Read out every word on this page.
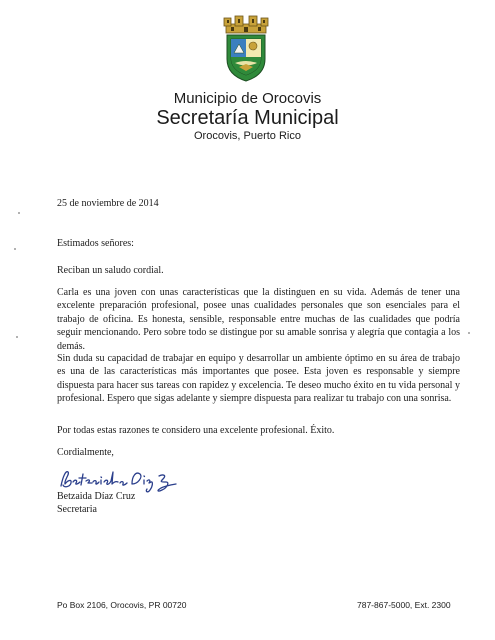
Municipio de Orocovis
Secretaría Municipal
Orocovis, Puerto Rico
25 de noviembre de 2014
Estimados señores:
Reciban un saludo cordial.
Carla es una joven con unas características que la distinguen en su vida. Además de tener una excelente preparación profesional, posee unas cualidades personales que son esenciales para el trabajo de oficina. Es honesta, sensible, responsable entre muchas de las cualidades que podría seguir mencionando. Pero sobre todo se distingue por su amable sonrisa y alegría que contagia a los demás.
Sin duda su capacidad de trabajar en equipo y desarrollar un ambiente óptimo en su área de trabajo es una de las características más importantes que posee. Esta joven es responsable y siempre dispuesta para hacer sus tareas con rapidez y excelencia. Te deseo mucho éxito en tu vida personal y profesional. Espero que sigas adelante y siempre dispuesta para realizar tu trabajo con una sonrisa.
Por todas estas razones te considero una excelente profesional. Éxito.
Cordialmente,
Betzaida Díaz Cruz
Secretaria
Po Box 2106, Orocovis, PR 00720	787-867-5000, Ext. 2300
